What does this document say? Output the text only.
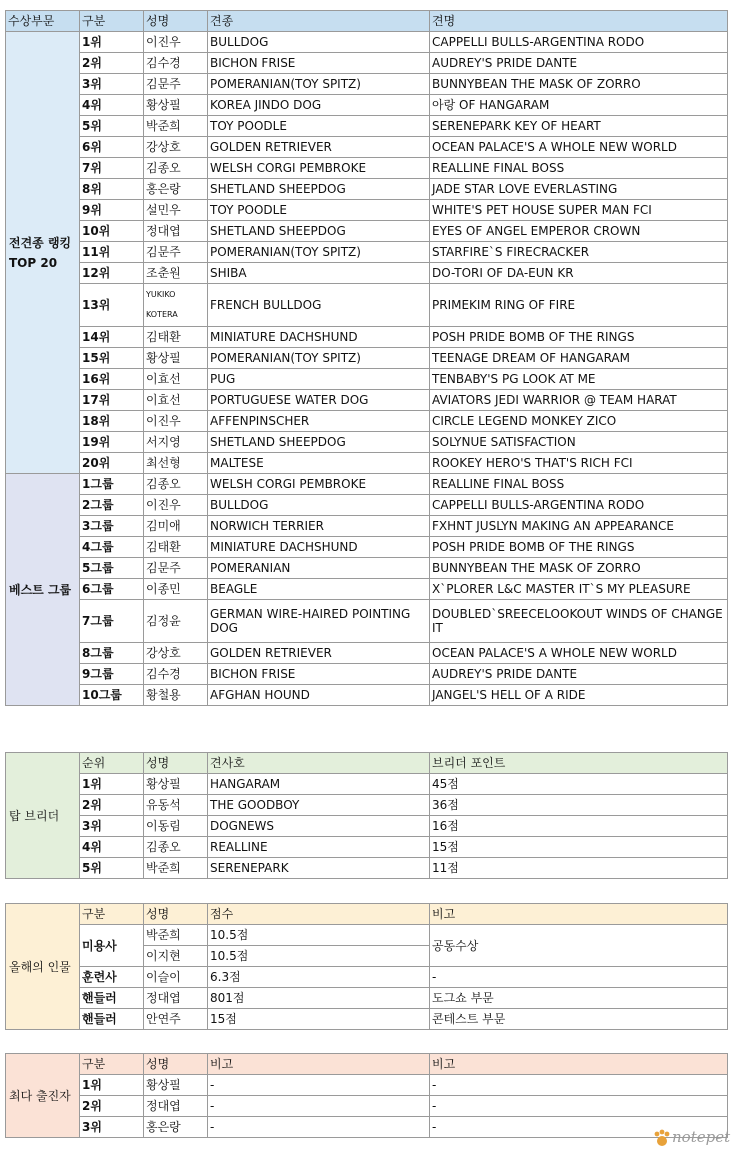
수상부문	구분	성명	견종	견명
전견종 랭킹 TOP 20	1위	이진우	BULLDOG	CAPPELLI BULLS-ARGENTINA RODO
	2위	김수경	BICHON FRISE	AUDREY'S PRIDE DANTE
	3위	김문주	POMERANIAN(TOY SPITZ)	BUNNYBEAN THE MASK OF ZORRO
	4위	황상필	KOREA JINDO DOG	아랑 OF HANGARAM
	5위	박준희	TOY POODLE	SERENEPARK KEY OF HEART
	6위	강상호	GOLDEN RETRIEVER	OCEAN PALACE'S A WHOLE NEW WORLD
	7위	김종오	WELSH CORGI PEMBROKE	REALLINE FINAL BOSS
	8위	홍은랑	SHETLAND SHEEPDOG	JADE STAR LOVE EVERLASTING
	9위	설민우	TOY POODLE	WHITE'S PET HOUSE SUPER MAN FCI
	10위	정대엽	SHETLAND SHEEPDOG	EYES OF ANGEL EMPEROR CROWN
	11위	김문주	POMERANIAN(TOY SPITZ)	STARFIRE`S FIRECRACKER
	12위	조춘원	SHIBA	DO-TORI OF DA-EUN KR
	13위	YUKIKO KOTERA	FRENCH BULLDOG	PRIMEKIM RING OF FIRE
	14위	김태환	MINIATURE DACHSHUND	POSH PRIDE BOMB OF THE RINGS
	15위	황상필	POMERANIAN(TOY SPITZ)	TEENAGE DREAM OF HANGARAM
	16위	이효선	PUG	TENBABY'S PG LOOK AT ME
	17위	이효선	PORTUGUESE WATER DOG	AVIATORS JEDI WARRIOR @ TEAM HARAT
	18위	이진우	AFFENPINSCHER	CIRCLE LEGEND MONKEY ZICO
	19위	서지영	SHETLAND SHEEPDOG	SOLYNUE SATISFACTION
	20위	최선형	MALTESE	ROOKEY HERO'S THAT'S RICH FCI
베스트 그룹	1그룹	김종오	WELSH CORGI PEMBROKE	REALLINE FINAL BOSS
	2그룹	이진우	BULLDOG	CAPPELLI BULLS-ARGENTINA RODO
	3그룹	김미애	NORWICH TERRIER	FXHNT JUSLYN MAKING AN APPEARANCE
	4그룹	김태환	MINIATURE DACHSHUND	POSH PRIDE BOMB OF THE RINGS
	5그룹	김문주	POMERANIAN	BUNNYBEAN THE MASK OF ZORRO
	6그룹	이종민	BEAGLE	X`PLORER L&C MASTER IT`S MY PLEASURE
	7그룹	김정윤	GERMAN WIRE-HAIRED POINTING DOG	DOUBLED`SREECELOOKOUT WINDS OF CHANGE IT
	8그룹	강상호	GOLDEN RETRIEVER	OCEAN PALACE'S A WHOLE NEW WORLD
	9그룹	김수경	BICHON FRISE	AUDREY'S PRIDE DANTE
	10그룹	황철용	AFGHAN HOUND	JANGEL'S HELL OF A RIDE
탑 브리더	순위	성명	견사호	브리더 포인트
	1위	황상필	HANGARAM	45점
	2위	유동석	THE GOODBOY	36점
	3위	이동림	DOGNEWS	16점
	4위	김종오	REALLINE	15점
	5위	박준희	SERENEPARK	11점
올해의 인물	구분	성명	점수	비고
	미용사	박준희	10.5점	공동수상
		이지현	10.5점	
	훈련사	이슬이	6.3점	-
	핸들러	정대엽	801점	도그쇼 부문
	핸들러	안연주	15점	콘테스트 부문
최다 출진자	구분	성명	비고	비고
	1위	황상필	-	-
	2위	정대엽	-	-
	3위	홍은랑	-	-
notepet
